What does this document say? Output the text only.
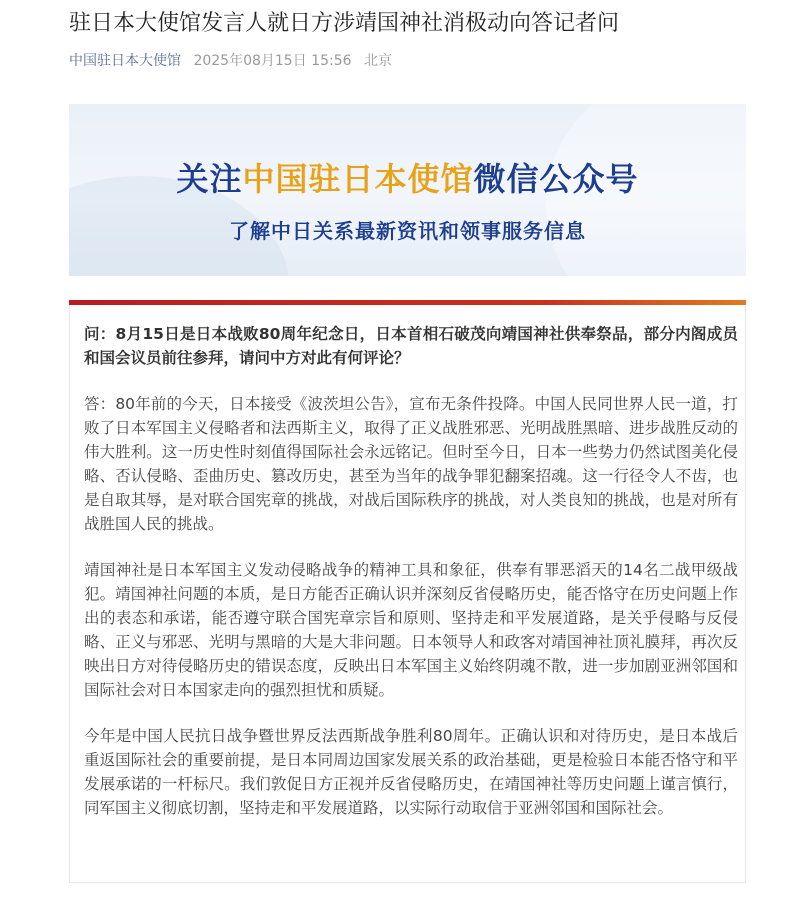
驻日本大使馆发言人就日方涉靖国神社消极动向答记者问
中国驻日本大使馆 2025年08月15日 15:56 北京
关注中国驻日本使馆微信公众号
了解中日关系最新资讯和领事服务信息

问：8月15日是日本战败80周年纪念日，日本首相石破茂向靖国神社供奉祭品，部分内阁成员和国会议员前往参拜，请问中方对此有何评论？

答：80年前的今天，日本接受《波茨坦公告》，宣布无条件投降。中国人民同世界人民一道，打败了日本军国主义侵略者和法西斯主义，取得了正义战胜邪恶、光明战胜黑暗、进步战胜反动的伟大胜利。这一历史性时刻值得国际社会永远铭记。但时至今日，日本一些势力仍然试图美化侵略、否认侵略、歪曲历史、篡改历史，甚至为当年的战争罪犯翻案招魂。这一行径令人不齿，也是自取其辱，是对联合国宪章的挑战，对战后国际秩序的挑战，对人类良知的挑战，也是对所有战胜国人民的挑战。

靖国神社是日本军国主义发动侵略战争的精神工具和象征，供奉有罪恶滔天的14名二战甲级战犯。靖国神社问题的本质，是日方能否正确认识并深刻反省侵略历史，能否恪守在历史问题上作出的表态和承诺，能否遵守联合国宪章宗旨和原则、坚持走和平发展道路，是关乎侵略与反侵略、正义与邪恶、光明与黑暗的大是大非问题。日本领导人和政客对靖国神社顶礼膜拜，再次反映出日方对待侵略历史的错误态度，反映出日本军国主义始终阴魂不散，进一步加剧亚洲邻国和国际社会对日本国家走向的强烈担忧和质疑。

今年是中国人民抗日战争暨世界反法西斯战争胜利80周年。正确认识和对待历史，是日本战后重返国际社会的重要前提，是日本同周边国家发展关系的政治基础，更是检验日本能否恪守和平发展承诺的一杆标尺。我们敦促日方正视并反省侵略历史，在靖国神社等历史问题上谨言慎行，同军国主义彻底切割，坚持走和平发展道路，以实际行动取信于亚洲邻国和国际社会。
